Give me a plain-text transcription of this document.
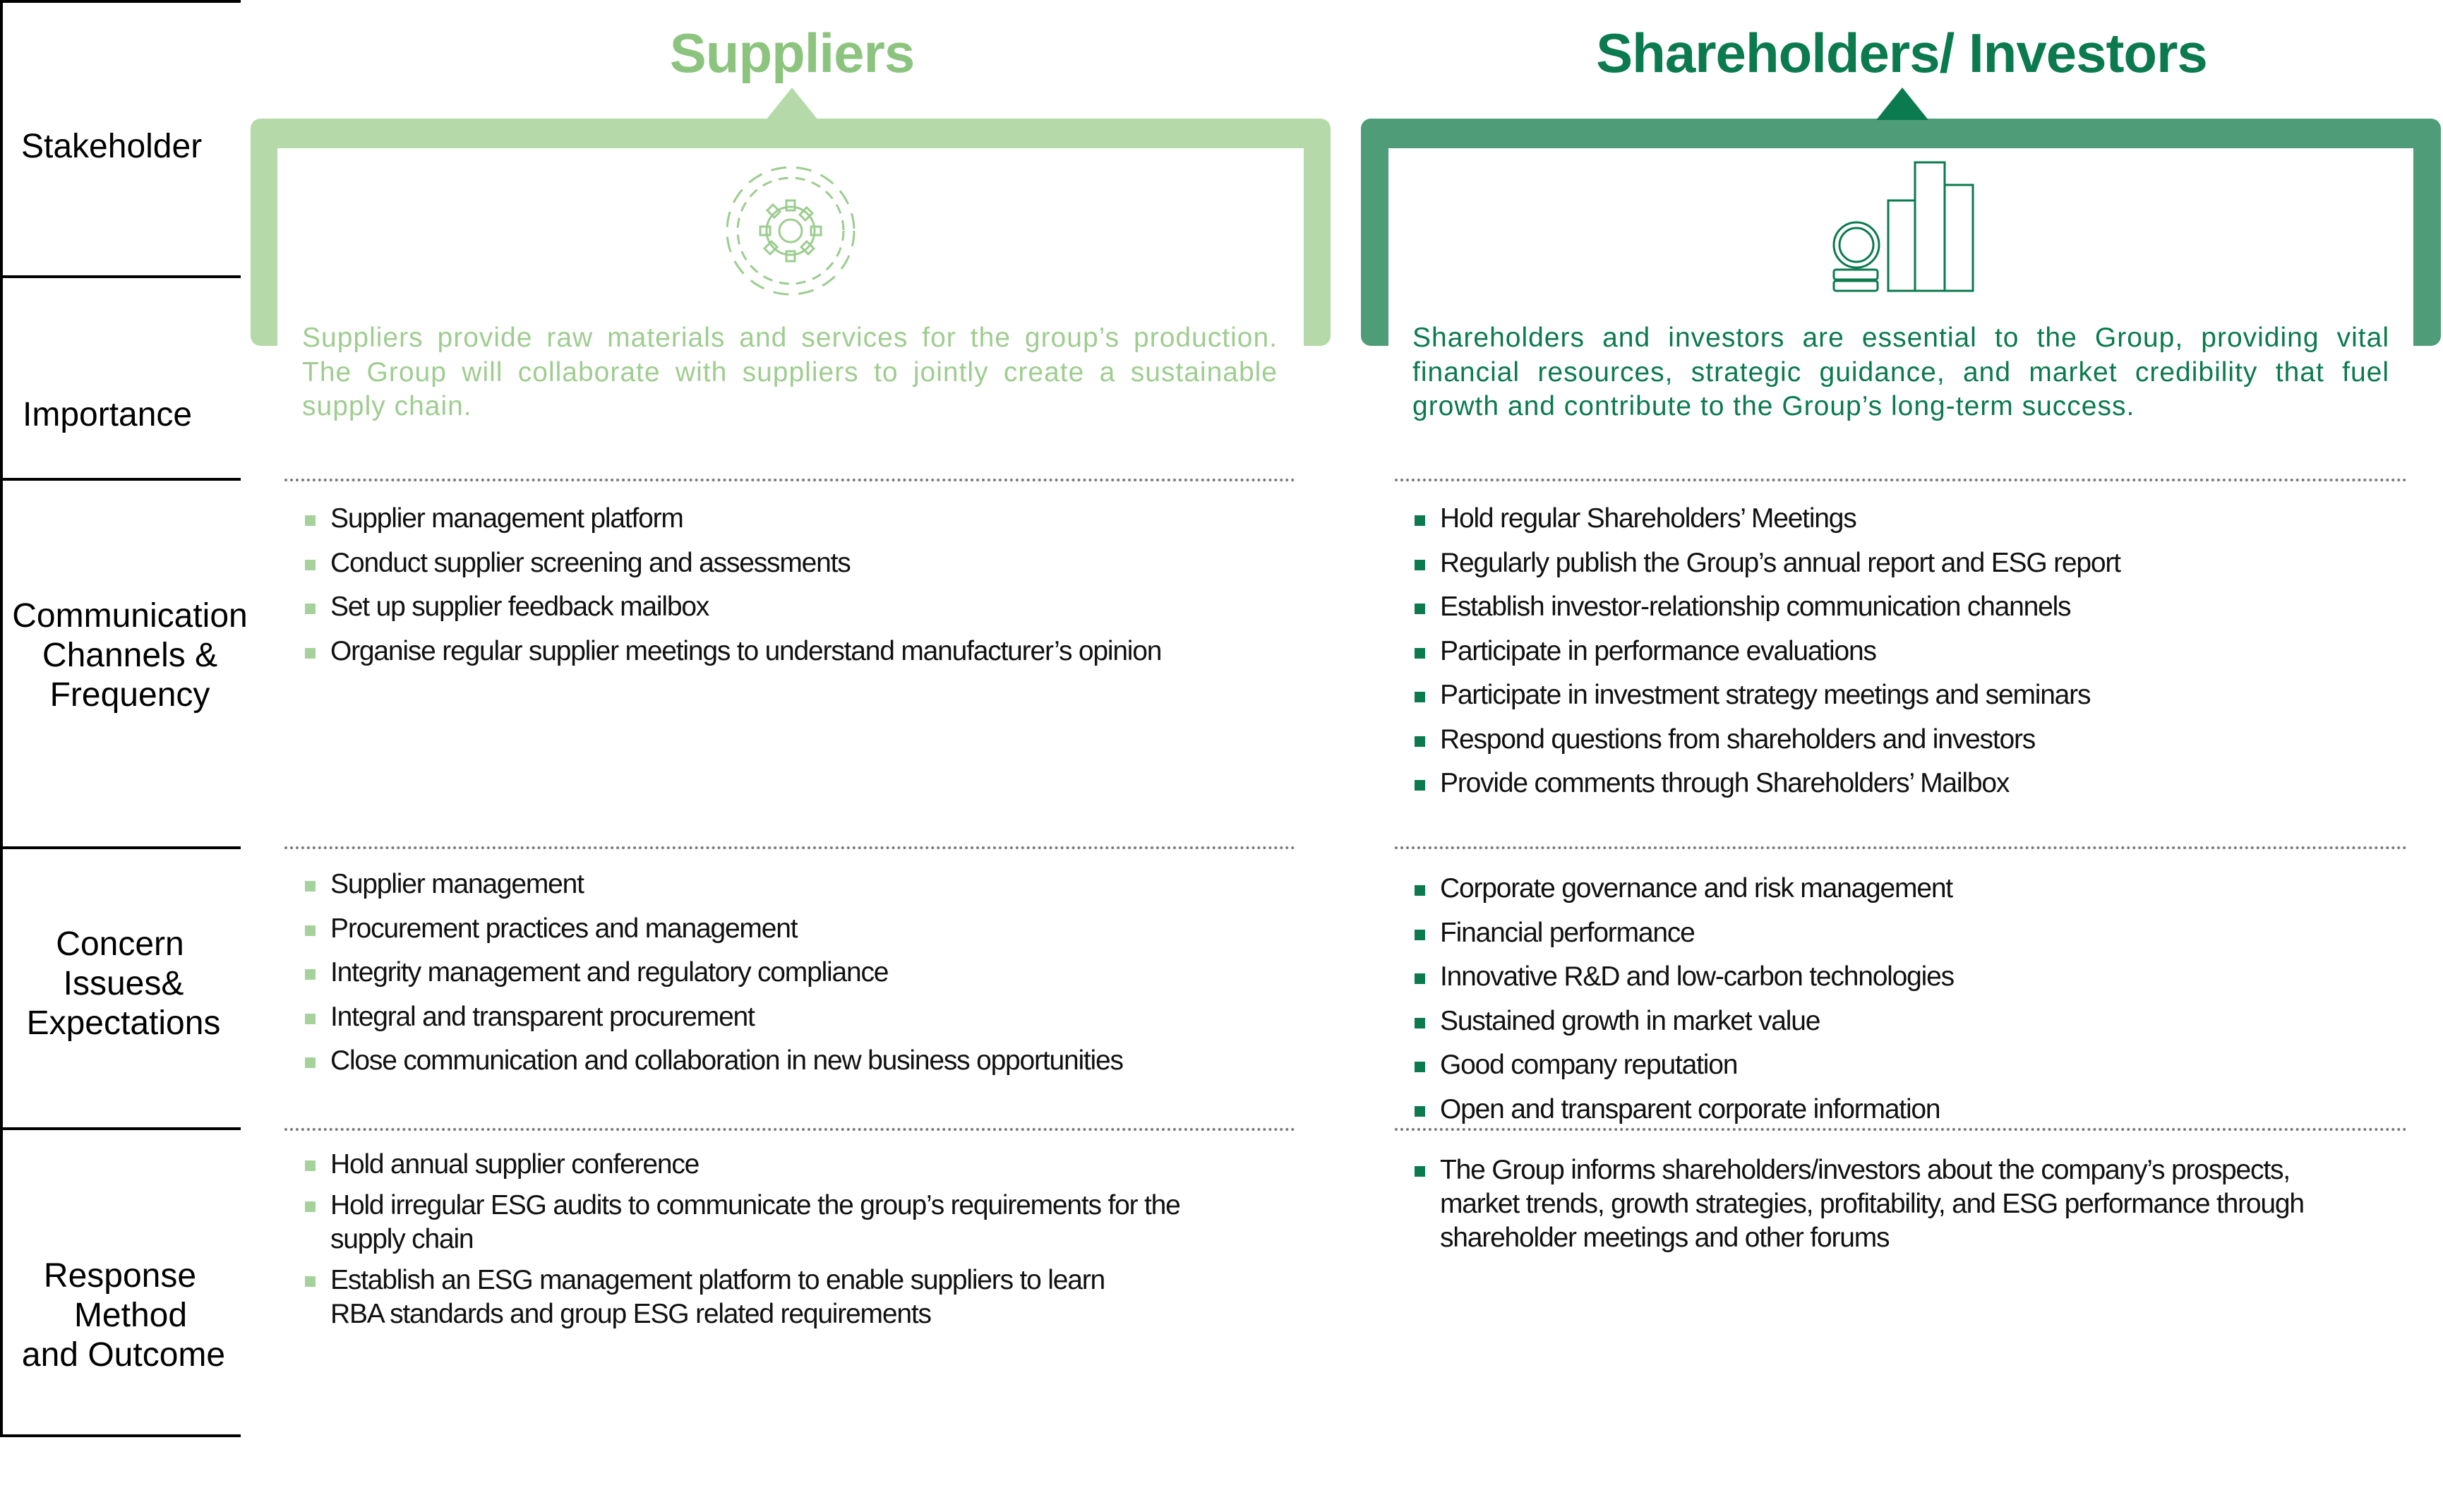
Stakeholder
Importance
Communication
Channels &
Frequency
Concern
Issues&
Expectations
Response
Method
and Outcome
Suppliers
Suppliers provide raw materials and services for the group’s production. The Group will collaborate with suppliers to jointly create a sustainable supply chain.
Supplier management platform
Conduct supplier screening and assessments
Set up supplier feedback mailbox
Organise regular supplier meetings to understand manufacturer’s opinion
Supplier management
Procurement practices and management
Integrity management and regulatory compliance
Integral and transparent procurement
Close communication and collaboration in new business opportunities
Hold annual supplier conference
Hold irregular ESG audits to communicate the group’s requirements for the supply chain
Establish an ESG management platform to enable suppliers to learn RBA standards and group ESG related requirements
Shareholders/ Investors
Shareholders and investors are essential to the Group, providing vital financial resources, strategic guidance, and market credibility that fuel growth and contribute to the Group’s long-term success.
Hold regular Shareholders’ Meetings
Regularly publish the Group’s annual report and ESG report
Establish investor-relationship communication channels
Participate in performance evaluations
Participate in investment strategy meetings and seminars
Respond questions from shareholders and investors
Provide comments through Shareholders’ Mailbox
Corporate governance and risk management
Financial performance
Innovative R&D and low-carbon technologies
Sustained growth in market value
Good company reputation
Open and transparent corporate information
The Group informs shareholders/investors about the company’s prospects, market trends, growth strategies, profitability, and ESG performance through shareholder meetings and other forums
